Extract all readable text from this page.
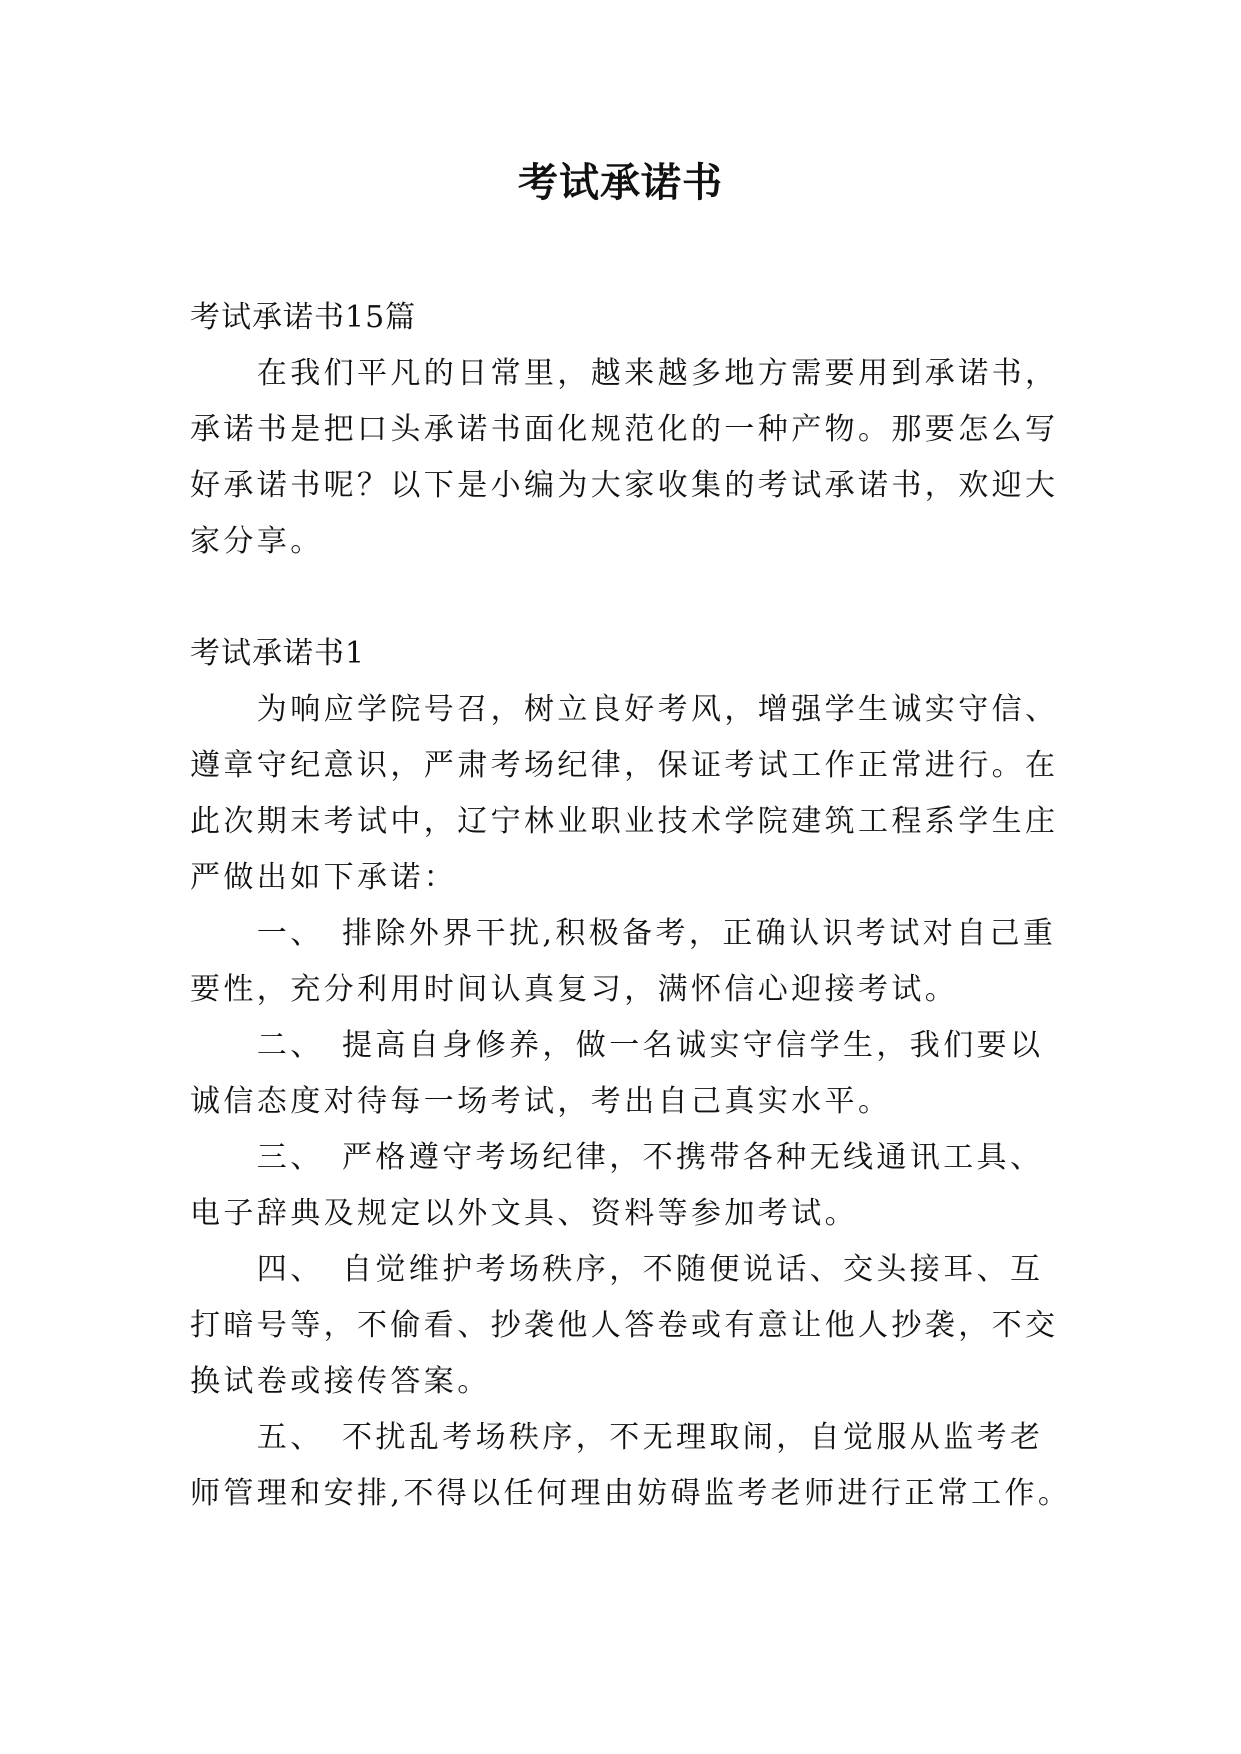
考试承诺书
考试承诺书15篇
　　在我们平凡的日常里，越来越多地方需要用到承诺书，
承诺书是把口头承诺书面化规范化的一种产物。那要怎么写
好承诺书呢？以下是小编为大家收集的考试承诺书，欢迎大
家分享。
考试承诺书1
　　为响应学院号召，树立良好考风，增强学生诚实守信、
遵章守纪意识，严肃考场纪律，保证考试工作正常进行。在
此次期末考试中，辽宁林业职业技术学院建筑工程系学生庄
严做出如下承诺：
　　一、　排除外界干扰,积极备考，正确认识考试对自己重
要性，充分利用时间认真复习，满怀信心迎接考试。
　　二、　提高自身修养，做一名诚实守信学生，我们要以
诚信态度对待每一场考试，考出自己真实水平。
　　三、　严格遵守考场纪律，不携带各种无线通讯工具、
电子辞典及规定以外文具、资料等参加考试。
　　四、　自觉维护考场秩序，不随便说话、交头接耳、互
打暗号等，不偷看、抄袭他人答卷或有意让他人抄袭，不交
换试卷或接传答案。
　　五、　不扰乱考场秩序，不无理取闹，自觉服从监考老
师管理和安排,不得以任何理由妨碍监考老师进行正常工作。
